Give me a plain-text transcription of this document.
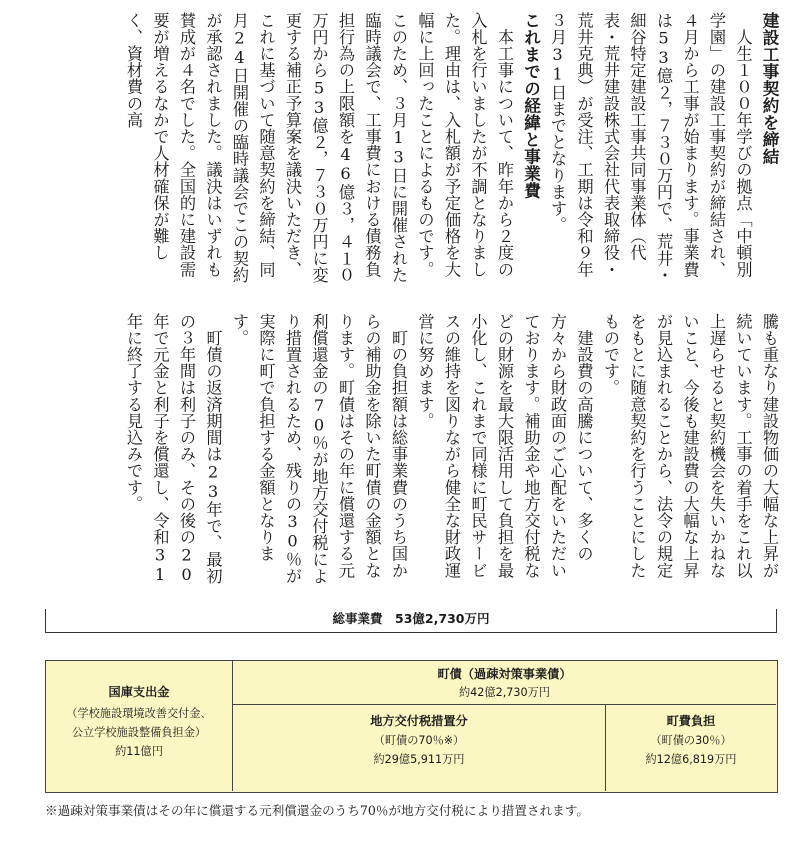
建設工事契約を締結
　人生１００年学びの拠点「中頓別学園」の建設工事契約が締結され、４月から工事が始まります。事業費は53億２，７３０万円で、荒井・細谷特定建設工事共同事業体（代表・荒井建設株式会社代表取締役・荒井克典）が受注、工期は令和９年３月31日までとなります。
これまでの経緯と事業費
　本工事について、昨年から２度の入札を行いましたが不調となりました。理由は、入札額が予定価格を大幅に上回ったことによるものです。このため、３月13日に開催された臨時議会で、工事費における債務負担行為の上限額を46億３，４１０万円から53億２，７３０万円に変更する補正予算案を議決いただき、これに基づいて随意契約を締結、同月24日開催の臨時議会でこの契約が承認されました。議決はいずれも賛成が４名でした。全国的に建設需要が増えるなかで人材確保が難しく、資材費の高
騰も重なり建設物価の大幅な上昇が続いています。工事の着手をこれ以上遅らせると契約機会を失いかねないこと、今後も建設費の大幅な上昇が見込まれることから、法令の規定をもとに随意契約を行うことにしたものです。
　建設費の高騰について、多くの方々から財政面のご心配をいただいております。補助金や地方交付税などの財源を最大限活用して負担を最小化し、これまで同様に町民サービスの維持を図りながら健全な財政運営に努めます。
　町の負担額は総事業費のうち国からの補助金を除いた町債の金額となります。町債はその年に償還する元利償還金の70％が地方交付税により措置されるため、残りの30％が実際に町で負担する金額となります。
　町債の返済期間は23年で、最初の３年間は利子のみ、その後の20年で元金と利子を償還し、令和31年に終了する見込みです。
総事業費　53億2,730万円
国庫支出金
（学校施設環境改善交付金、
公立学校施設整備負担金）
約11億円
町債（過疎対策事業債）
約42億2,730万円
地方交付税措置分
（町債の70％※）
約29億5,911万円
町費負担
（町債の30％）
約12億6,819万円
※過疎対策事業債はその年に償還する元利償還金のうち70％が地方交付税により措置されます。
